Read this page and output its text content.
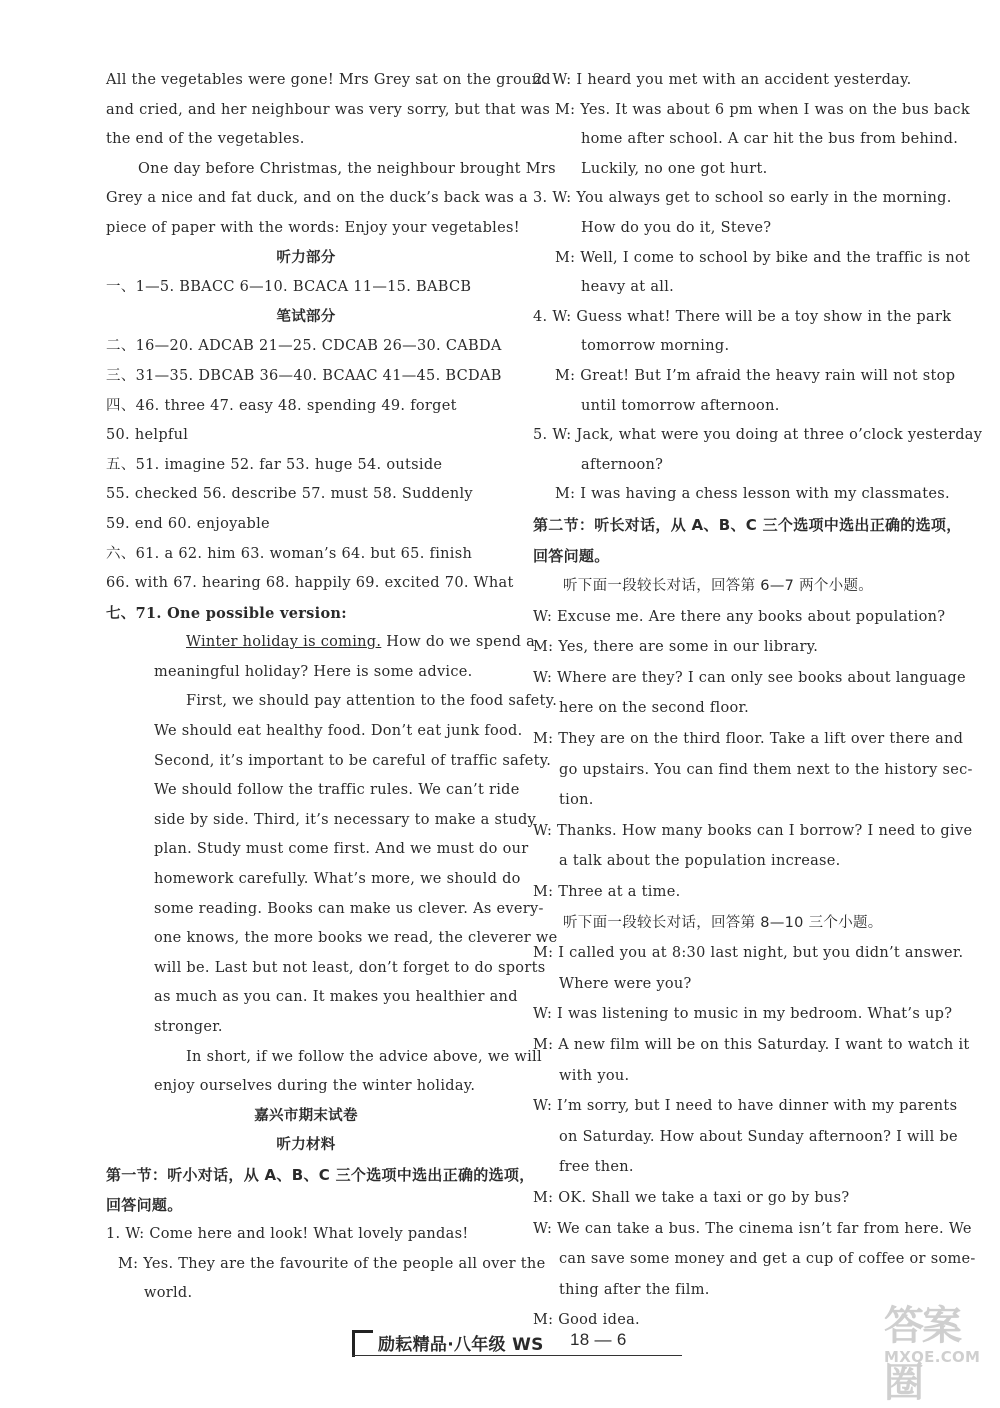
All the vegetables were gone! Mrs Grey sat on the ground
and cried, and her neighbour was very sorry, but that was
the end of the vegetables.
One day before Christmas, the neighbour brought Mrs
Grey a nice and fat duck, and on the duck’s back was a
piece of paper with the words: Enjoy your vegetables!
听力部分
一、1—5. BBACC 6—10. BCACA 11—15. BABCB
笔试部分
二、16—20. ADCAB 21—25. CDCAB 26—30. CABDA
三、31—35. DBCAB 36—40. BCAAC 41—45. BCDAB
四、46. three 47. easy 48. spending 49. forget
50. helpful
五、51. imagine 52. far 53. huge 54. outside
55. checked 56. describe 57. must 58. Suddenly
59. end 60. enjoyable
六、61. a 62. him 63. woman’s 64. but 65. finish
66. with 67. hearing 68. happily 69. excited 70. What
七、71. One possible version:
Winter holiday is coming. How do we spend a
meaningful holiday? Here is some advice.
First, we should pay attention to the food safety.
We should eat healthy food. Don’t eat junk food.
Second, it’s important to be careful of traffic safety.
We should follow the traffic rules. We can’t ride
side by side. Third, it’s necessary to make a study
plan. Study must come first. And we must do our
homework carefully. What’s more, we should do
some reading. Books can make us clever. As every-
one knows, the more books we read, the cleverer we
will be. Last but not least, don’t forget to do sports
as much as you can. It makes you healthier and
stronger.
In short, if we follow the advice above, we will
enjoy ourselves during the winter holiday.
嘉兴市期末试卷
听力材料
第一节：听小对话，从 A、B、C 三个选项中选出正确的选项，
回答问题。
1. W: Come here and look! What lovely pandas!
M: Yes. They are the favourite of the people all over the
world.
2. W: I heard you met with an accident yesterday.
M: Yes. It was about 6 pm when I was on the bus back
home after school. A car hit the bus from behind.
Luckily, no one got hurt.
3. W: You always get to school so early in the morning.
How do you do it, Steve?
M: Well, I come to school by bike and the traffic is not
heavy at all.
4. W: Guess what! There will be a toy show in the park
tomorrow morning.
M: Great! But I’m afraid the heavy rain will not stop
until tomorrow afternoon.
5. W: Jack, what were you doing at three o’clock yesterday
afternoon?
M: I was having a chess lesson with my classmates.
第二节：听长对话，从 A、B、C 三个选项中选出正确的选项，
回答问题。
听下面一段较长对话，回答第 6—7 两个小题。
W: Excuse me. Are there any books about population?
M: Yes, there are some in our library.
W: Where are they? I can only see books about language
here on the second floor.
M: They are on the third floor. Take a lift over there and
go upstairs. You can find them next to the history sec-
tion.
W: Thanks. How many books can I borrow? I need to give
a talk about the population increase.
M: Three at a time.
听下面一段较长对话，回答第 8—10 三个小题。
M: I called you at 8:30 last night, but you didn’t answer.
Where were you?
W: I was listening to music in my bedroom. What’s up?
M: A new film will be on this Saturday. I want to watch it
with you.
W: I’m sorry, but I need to have dinner with my parents
on Saturday. How about Sunday afternoon? I will be
free then.
M: OK. Shall we take a taxi or go by bus?
W: We can take a bus. The cinema isn’t far from here. We
can save some money and get a cup of coffee or some-
thing after the film.
M: Good idea.
励耘精品·八年级 WS 18 — 6	答案圈
MXQE.COM
